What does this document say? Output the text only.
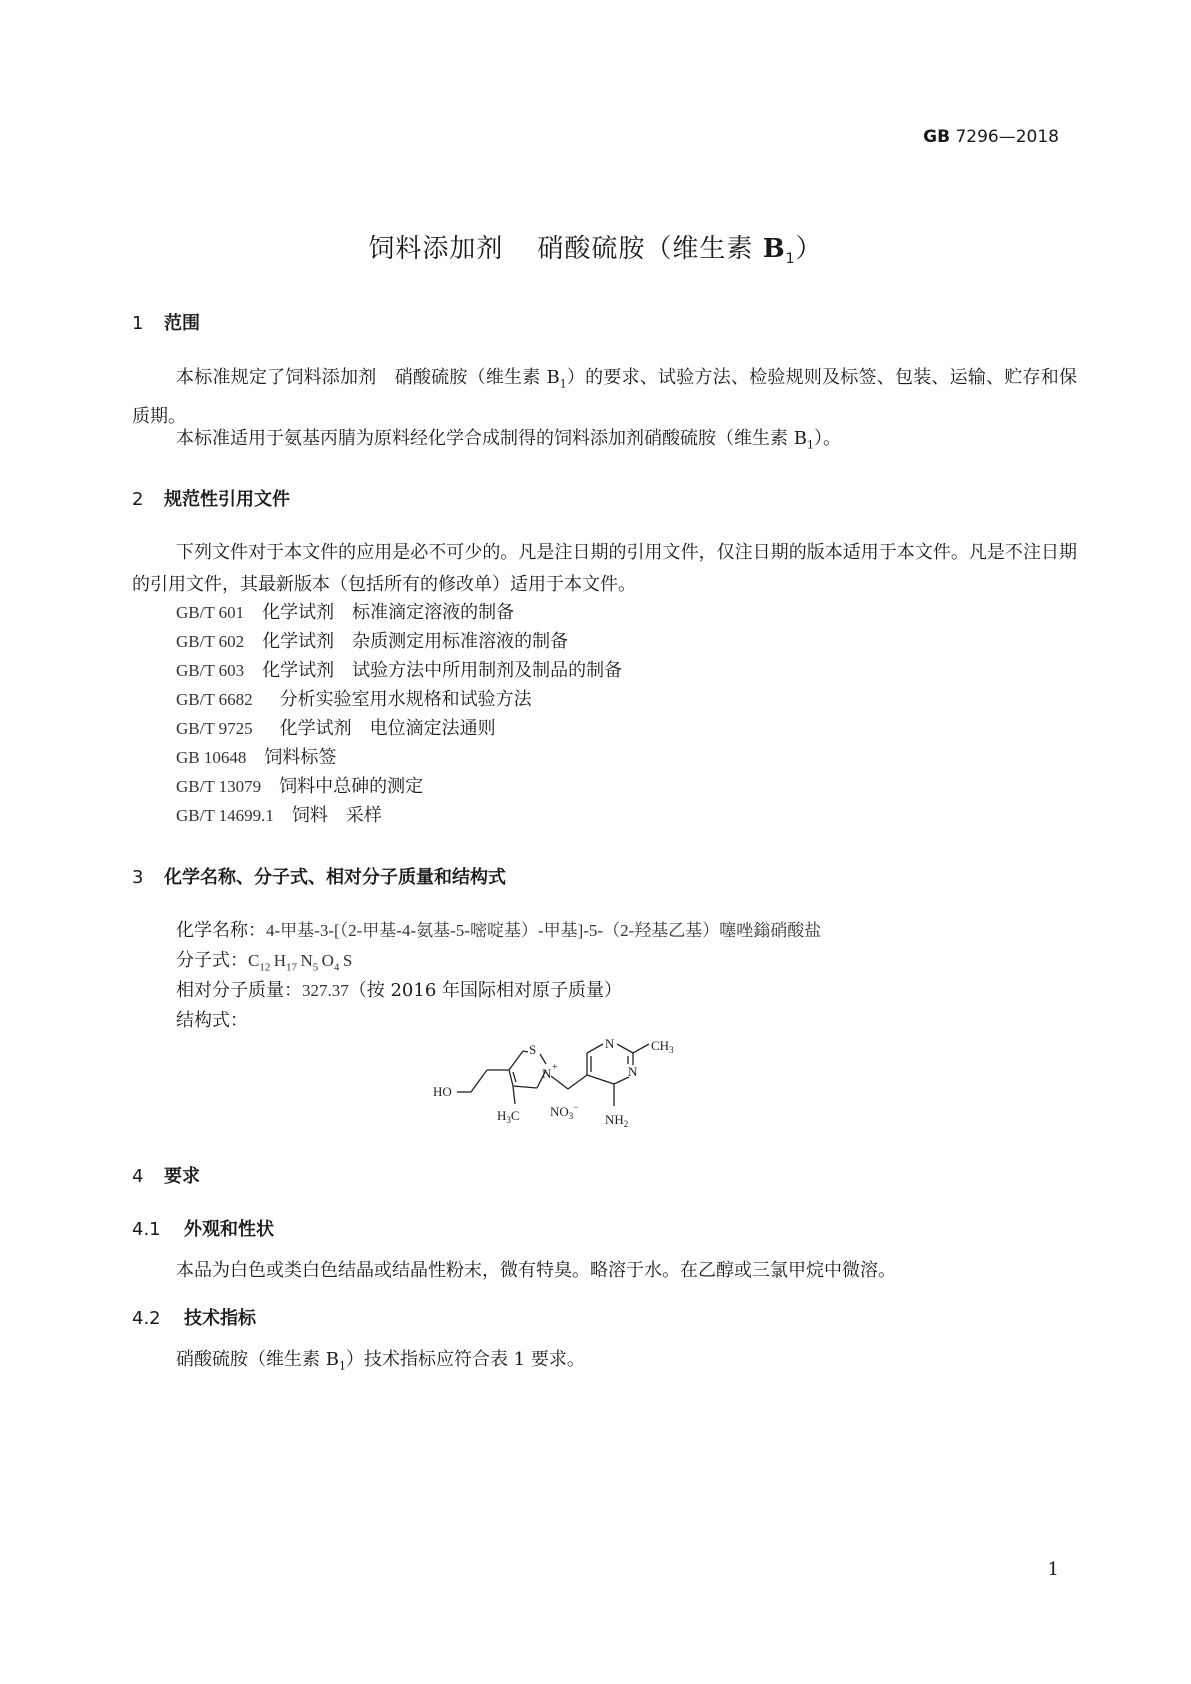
GB 7296—2018
饲料添加剂 硝酸硫胺（维生素 $B_1$）
1 范围
本标准规定了饲料添加剂　硝酸硫胺（维生素 $B_1$）的要求、试验方法、检验规则及标签、包装、运输、贮存和保质期。
本标准适用于氨基丙腈为原料经化学合成制得的饲料添加剂硝酸硫胺（维生素 $B_1$）。
2 规范性引用文件
下列文件对于本文件的应用是必不可少的。凡是注日期的引用文件，仅注日期的版本适用于本文件。凡是不注日期的引用文件，其最新版本（包括所有的修改单）适用于本文件。
GB/T 601  化学试剂　标准滴定溶液的制备
GB/T 602  化学试剂　杂质测定用标准溶液的制备
GB/T 603  化学试剂　试验方法中所用制剂及制品的制备
GB/T 6682   分析实验室用水规格和试验方法
GB/T 9725   化学试剂　电位滴定法通则
GB 10648  饲料标签
GB/T 13079  饲料中总砷的测定
GB/T 14699.1  饲料　采样
3 化学名称、分子式、相对分子质量和结构式
化学名称：4-甲基-3-[（2-甲基-4-氨基-5-嘧啶基）-甲基]-5-（2-羟基乙基）噻唑鎓硝酸盐
分子式：$C_{12}$  $H_{17}$  $N_5$  $O_4$  S
相对分子质量：327.37（按 2016 年国际相对原子质量）
结构式：
HO
S
N +
N
N
$CH_3$
$H_3C$ $NO_3^-$
$NH_2$
4 要求
4.1 外观和性状
本品为白色或类白色结晶或结晶性粉末，微有特臭。略溶于水。在乙醇或三氯甲烷中微溶。
4.2 技术指标
硝酸硫胺（维生素 $B_1$）技术指标应符合表 1 要求。
1
